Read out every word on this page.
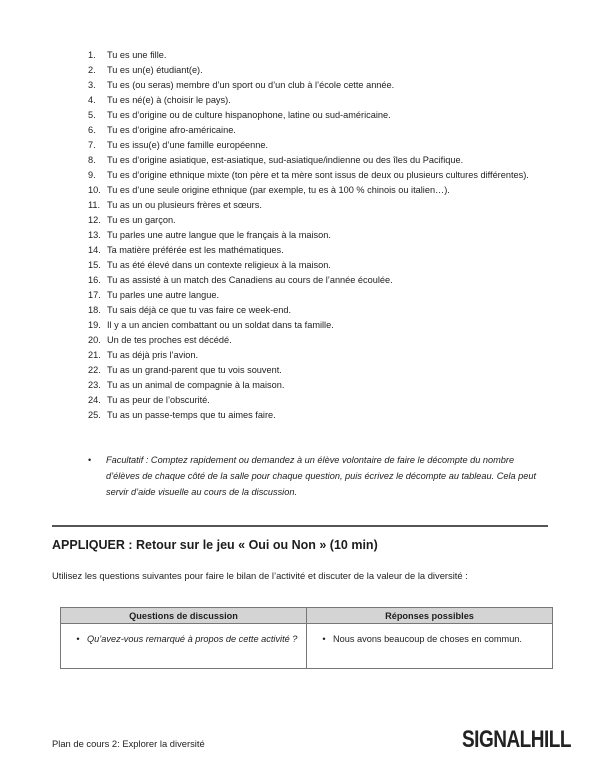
1.	Tu es une fille.
2.	Tu es un(e) étudiant(e).
3.	Tu es (ou seras) membre d’un sport ou d’un club à l’école cette année.
4.	Tu es né(e) à (choisir le pays).
5.	Tu es d’origine ou de culture hispanophone, latine ou sud-américaine.
6.	Tu es d’origine afro-américaine.
7.	Tu es issu(e) d’une famille européenne.
8.	Tu es d’origine asiatique, est-asiatique, sud-asiatique/indienne ou des îles du Pacifique.
9.	Tu es d’origine ethnique mixte (ton père et ta mère sont issus de deux ou plusieurs cultures différentes).
10. Tu es d’une seule origine ethnique (par exemple, tu es à 100 % chinois ou italien…).
11. Tu as un ou plusieurs frères et sœurs.
12. Tu es un garçon.
13. Tu parles une autre langue que le français à la maison.
14. Ta matière préférée est les mathématiques.
15. Tu as été élevé dans un contexte religieux à la maison.
16. Tu as assisté à un match des Canadiens au cours de l’année écoulée.
17. Tu parles une autre langue.
18. Tu sais déjà ce que tu vas faire ce week-end.
19. Il y a un ancien combattant ou un soldat dans ta famille.
20. Un de tes proches est décédé.
21. Tu as déjà pris l’avion.
22. Tu as un grand-parent que tu vois souvent.
23. Tu as un animal de compagnie à la maison.
24. Tu as peur de l’obscurité.
25. Tu as un passe-temps que tu aimes faire.
•	Facultatif : Comptez rapidement ou demandez à un élève volontaire de faire le décompte du nombre d’élèves de chaque côté de la salle pour chaque question, puis écrivez le décompte au tableau. Cela peut servir d’aide visuelle au cours de la discussion.
APPLIQUER : Retour sur le jeu « Oui ou Non » (10 min)
Utilisez les questions suivantes pour faire le bilan de l’activité et discuter de la valeur de la diversité :
Questions de discussion	Réponses possibles

• Qu’avez-vous remarqué à propos de cette activité ?	• Nous avons beaucoup de choses en commun.
Plan de cours 2: Explorer la diversité	SIGNALHILL
